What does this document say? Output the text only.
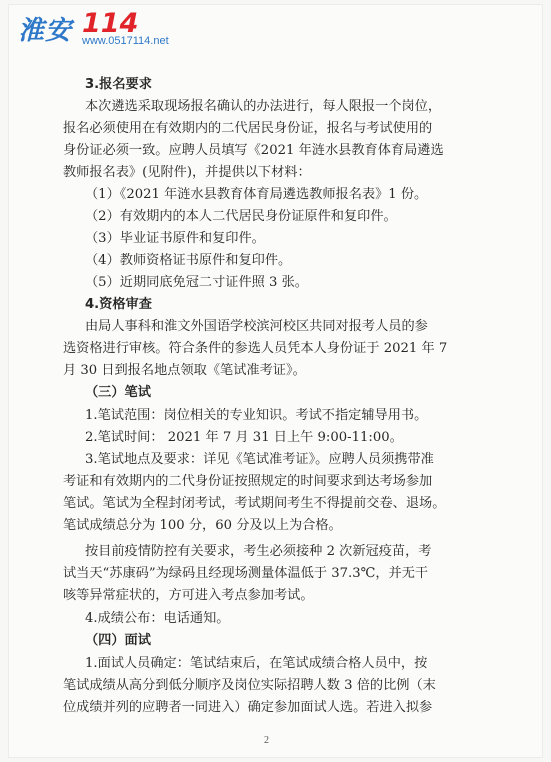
淮安 114
www.0517114.net
3.报名要求
本次遴选采取现场报名确认的办法进行，每人限报一个岗位，
报名必须使用在有效期内的二代居民身份证，报名与考试使用的
身份证必须一致。应聘人员填写《2021 年涟水县教育体育局遴选
教师报名表》(见附件)，并提供以下材料：
（1）《2021 年涟水县教育体育局遴选教师报名表》1 份。
（2）有效期内的本人二代居民身份证原件和复印件。
（3）毕业证书原件和复印件。
（4）教师资格证书原件和复印件。
（5）近期同底免冠二寸证件照 3 张。
4.资格审查
由局人事科和淮文外国语学校滨河校区共同对报考人员的参
选资格进行审核。符合条件的参选人员凭本人身份证于 2021 年 7
月 30 日到报名地点领取《笔试准考证》。
（三）笔试
1.笔试范围：岗位相关的专业知识。考试不指定辅导用书。
2.笔试时间： 2021 年 7 月 31 日上午 9:00-11:00。
3.笔试地点及要求：详见《笔试准考证》。应聘人员须携带准
考证和有效期内的二代身份证按照规定的时间要求到达考场参加
笔试。笔试为全程封闭考试，考试期间考生不得提前交卷、退场。
笔试成绩总分为 100 分，60 分及以上为合格。
按目前疫情防控有关要求，考生必须接种 2 次新冠疫苗，考
试当天“苏康码”为绿码且经现场测量体温低于 37.3℃，并无干
咳等异常症状的，方可进入考点参加考试。
4.成绩公布：电话通知。
（四）面试
1.面试人员确定：笔试结束后，在笔试成绩合格人员中，按
笔试成绩从高分到低分顺序及岗位实际招聘人数 3 倍的比例（末
位成绩并列的应聘者一同进入）确定参加面试人选。若进入拟参
2
